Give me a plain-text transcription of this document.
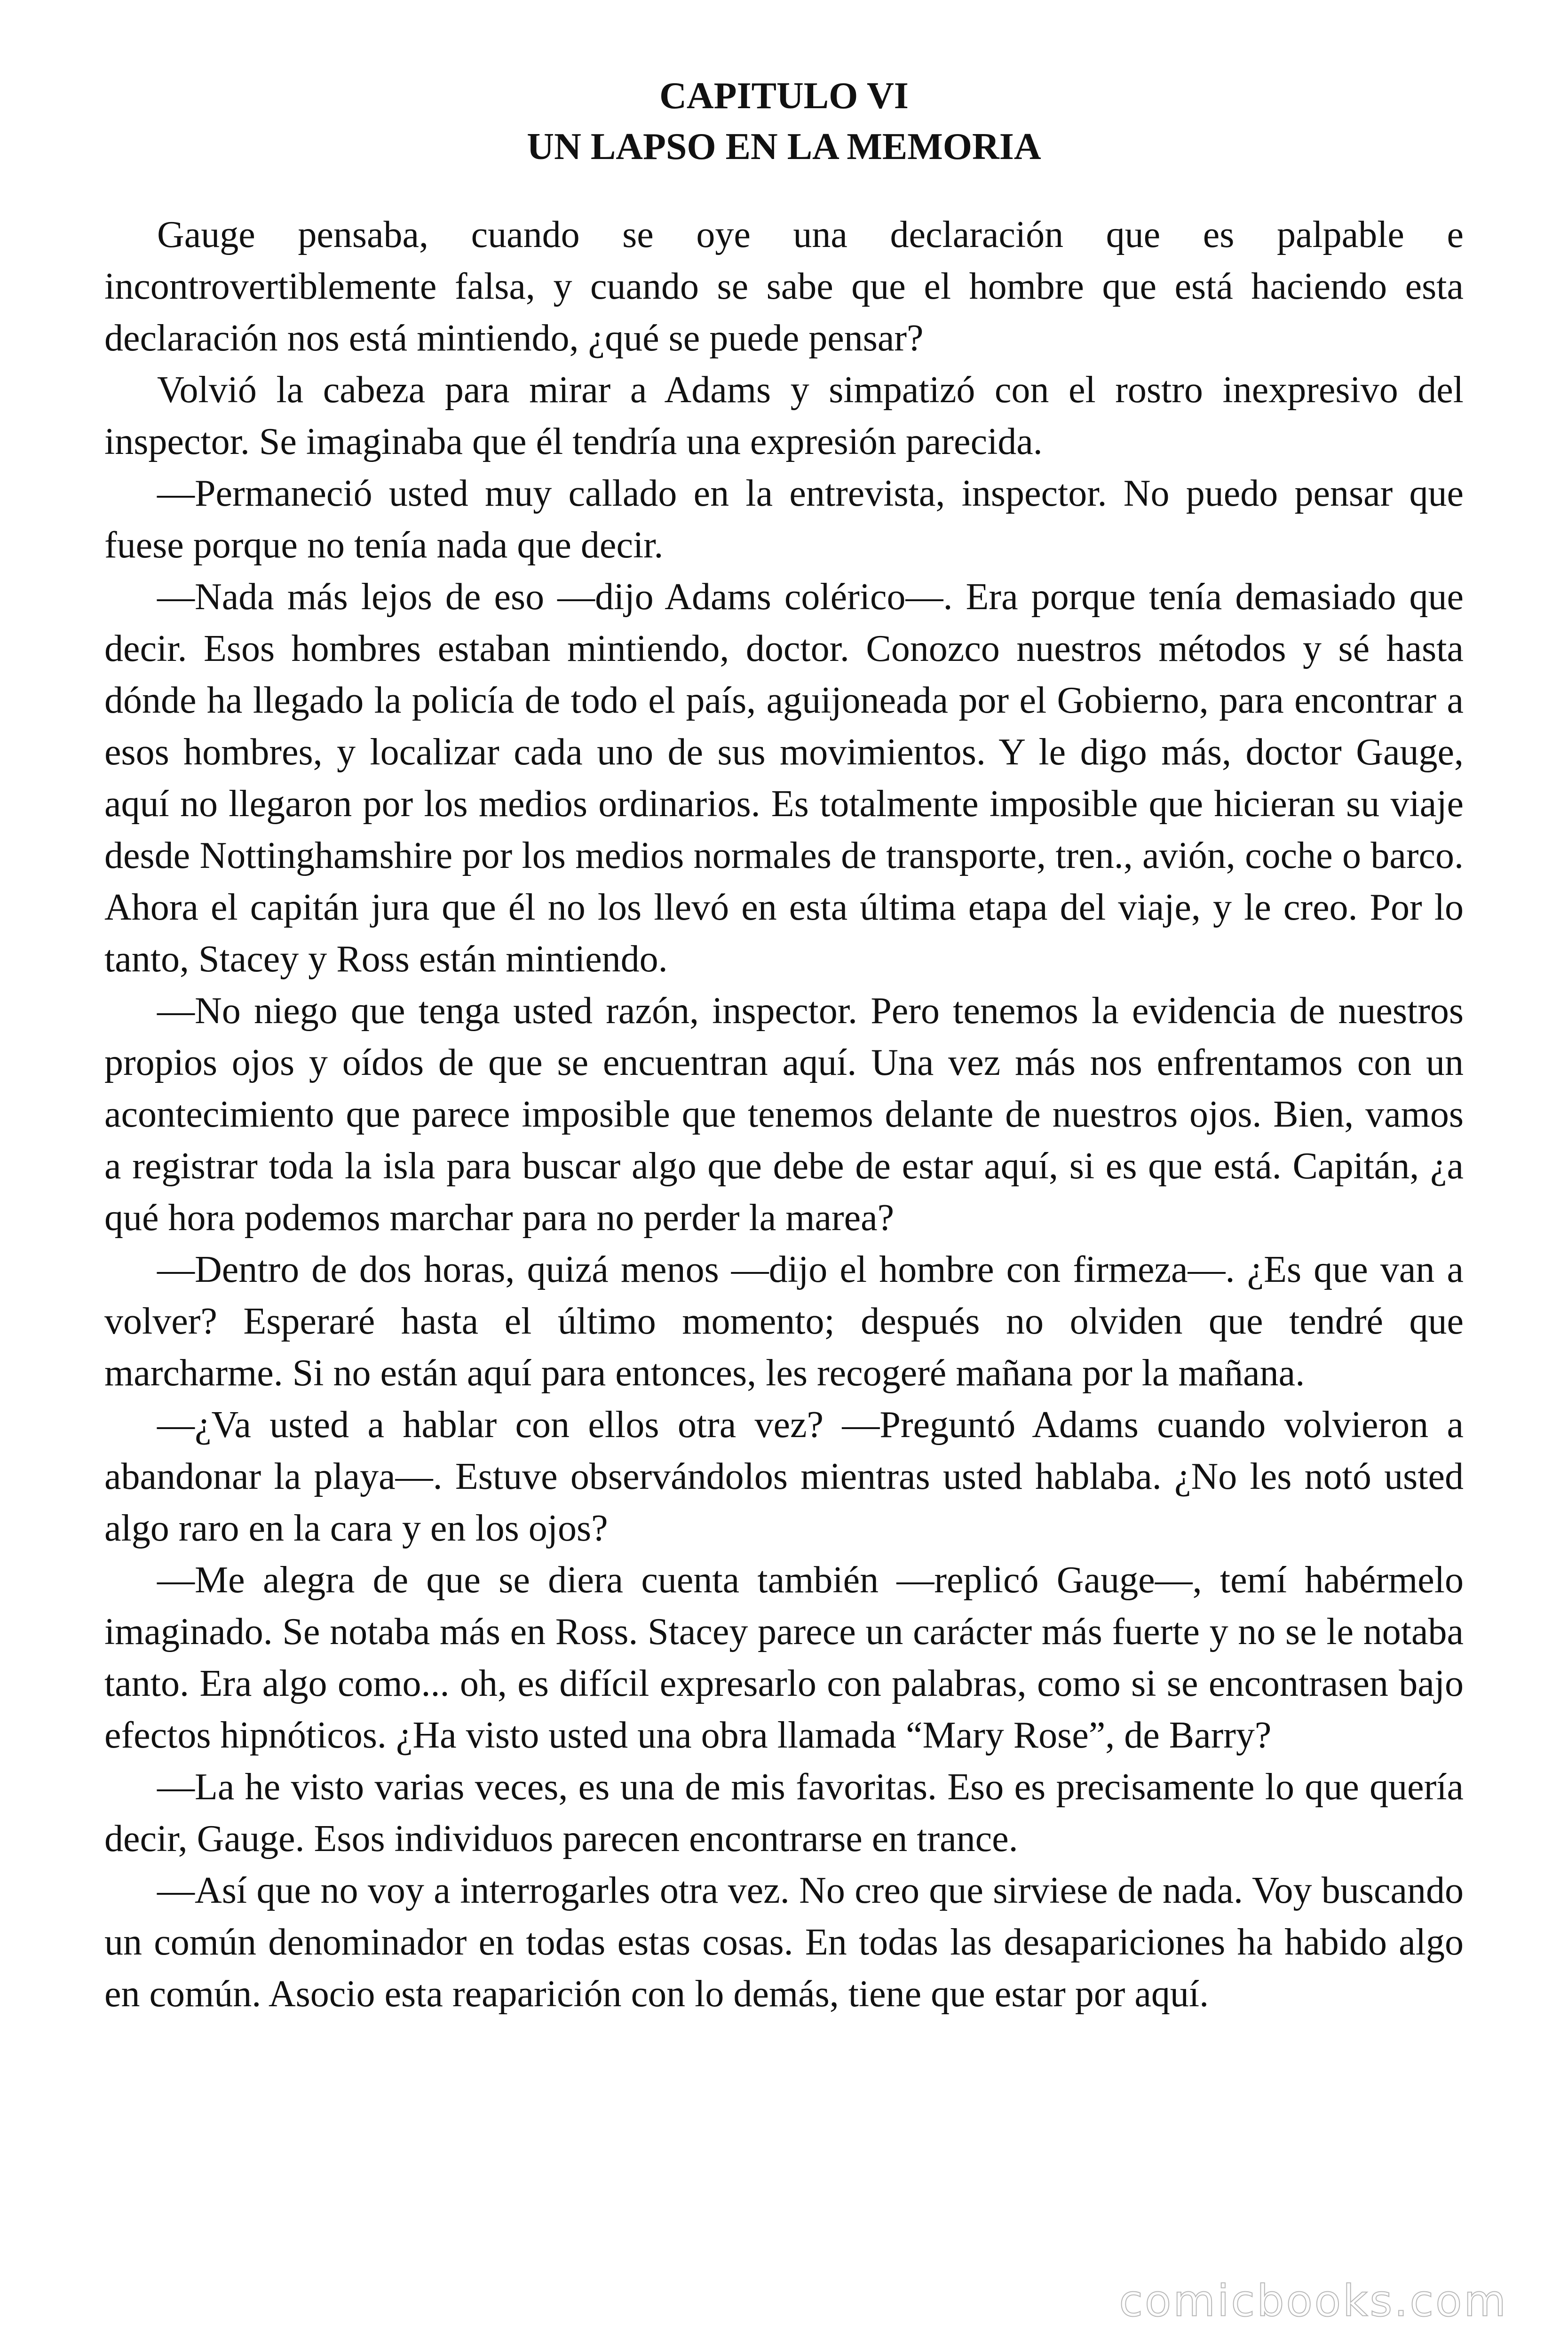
CAPITULO VI
UN LAPSO EN LA MEMORIA

Gauge pensaba, cuando se oye una declaración que es palpable e incontrovertiblemente falsa, y cuando se sabe que el hombre que está haciendo esta declaración nos está mintiendo, ¿qué se puede pensar?

Volvió la cabeza para mirar a Adams y simpatizó con el rostro inexpresivo del inspector. Se imaginaba que él tendría una expresión parecida.

—Permaneció usted muy callado en la entrevista, inspector. No puedo pensar que fuese porque no tenía nada que decir.

—Nada más lejos de eso —dijo Adams colérico—. Era porque tenía demasiado que decir. Esos hombres estaban mintiendo, doctor. Conozco nuestros métodos y sé hasta dónde ha llegado la policía de todo el país, aguijoneada por el Gobierno, para encontrar a esos hombres, y localizar cada uno de sus movimientos. Y le digo más, doctor Gauge, aquí no llegaron por los medios ordinarios. Es totalmente imposible que hicieran su viaje desde Nottinghamshire por los medios normales de transporte, tren., avión, coche o barco. Ahora el capitán jura que él no los llevó en esta última etapa del viaje, y le creo. Por lo tanto, Stacey y Ross están mintiendo.

—No niego que tenga usted razón, inspector. Pero tenemos la evidencia de nuestros propios ojos y oídos de que se encuentran aquí. Una vez más nos enfrentamos con un acontecimiento que parece imposible que tenemos delante de nuestros ojos. Bien, vamos a registrar toda la isla para buscar algo que debe de estar aquí, si es que está. Capitán, ¿a qué hora podemos marchar para no perder la marea?

—Dentro de dos horas, quizá menos —dijo el hombre con firmeza—. ¿Es que van a volver? Esperaré hasta el último momento; después no olviden que tendré que marcharme. Si no están aquí para entonces, les recogeré mañana por la mañana.

—¿Va usted a hablar con ellos otra vez? —Preguntó Adams cuando volvieron a abandonar la playa—. Estuve observándolos mientras usted hablaba. ¿No les notó usted algo raro en la cara y en los ojos?

—Me alegra de que se diera cuenta también —replicó Gauge—, temí habérmelo imaginado. Se notaba más en Ross. Stacey parece un carácter más fuerte y no se le notaba tanto. Era algo como... oh, es difícil expresarlo con palabras, como si se encontrasen bajo efectos hipnóticos. ¿Ha visto usted una obra llamada “Mary Rose”, de Barry?

—La he visto varias veces, es una de mis favoritas. Eso es precisamente lo que quería decir, Gauge. Esos individuos parecen encontrarse en trance.

—Así que no voy a interrogarles otra vez. No creo que sirviese de nada. Voy buscando un común denominador en todas estas cosas. En todas las desapariciones ha habido algo en común. Asocio esta reaparición con lo demás, tiene que estar por aquí.

comicbooks.com
